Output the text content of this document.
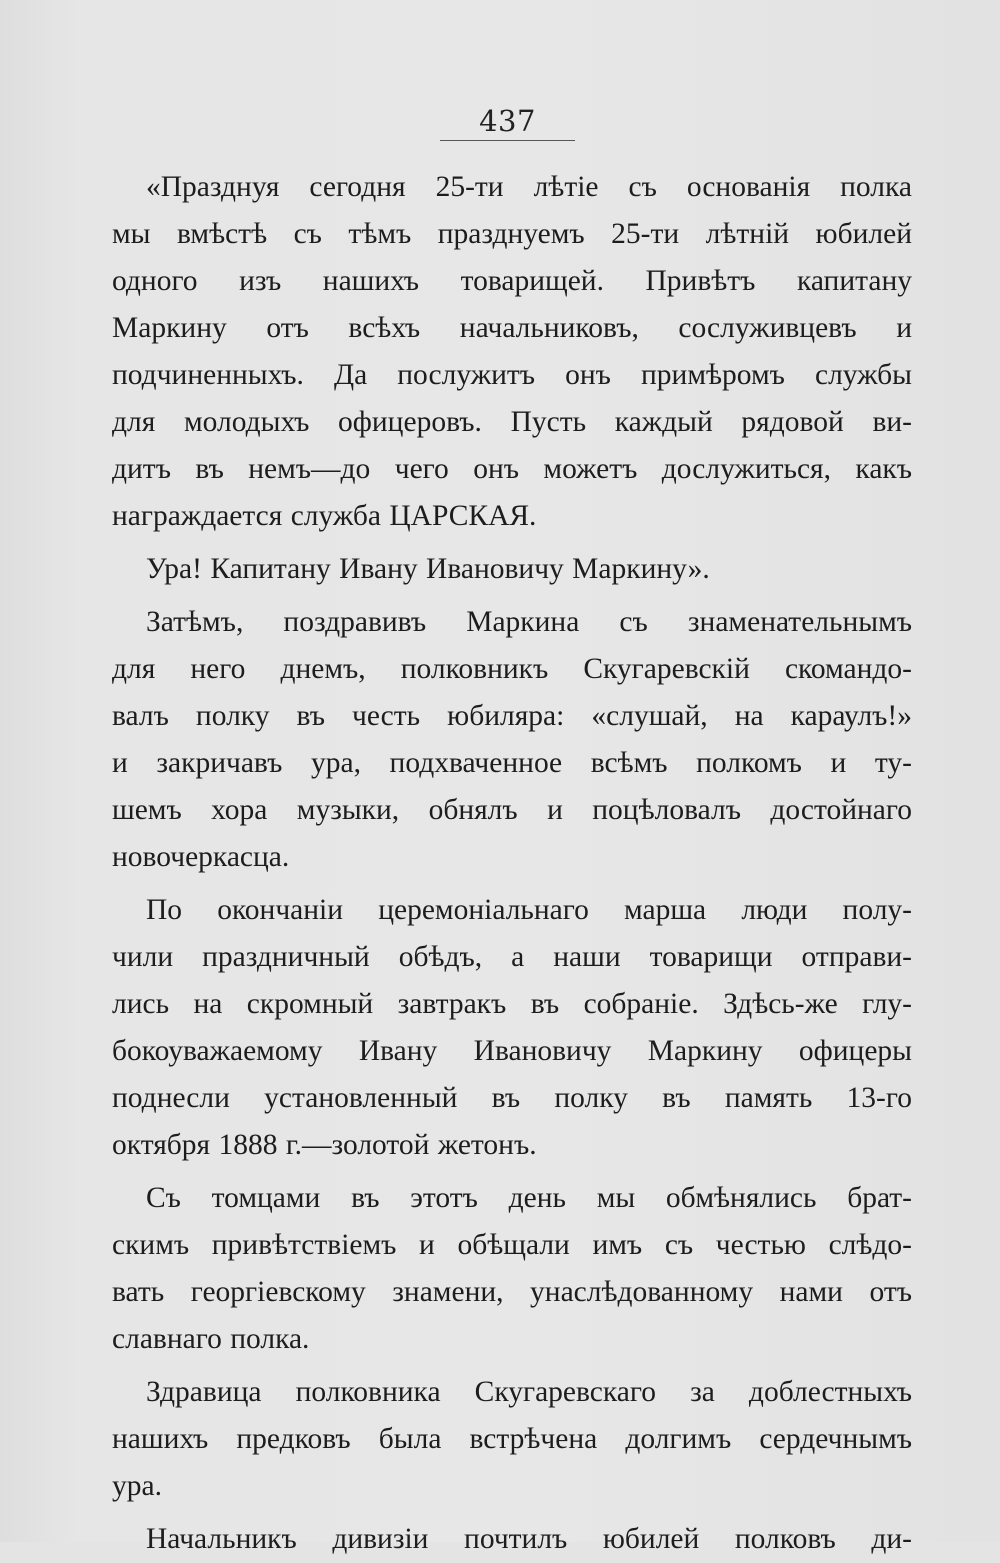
437
«Празднуя сегодня 25-ти лѣтіе съ основанія полка
мы вмѣстѣ съ тѣмъ празднуемъ 25-ти лѣтній юбилей
одного изъ нашихъ товарищей. Привѣтъ капитану
Маркину отъ всѣхъ начальниковъ, сослуживцевъ и
подчиненныхъ. Да послужитъ онъ примѣромъ службы
для молодыхъ офицеровъ. Пусть каждый рядовой ви-
дитъ въ немъ—до чего онъ можетъ дослужиться, какъ
награждается служба ЦАРСКАЯ.
Ура! Капитану Ивану Ивановичу Маркину».
Затѣмъ, поздравивъ Маркина съ знаменательнымъ
для него днемъ, полковникъ Скугаревскій скомандо-
валъ полку въ честь юбиляра: «слушай, на караулъ!»
и закричавъ ура, подхваченное всѣмъ полкомъ и ту-
шемъ хора музыки, обнялъ и поцѣловалъ достойнаго
новочеркасца.
По окончаніи церемоніальнаго марша люди полу-
чили праздничный обѣдъ, а наши товарищи отправи-
лись на скромный завтракъ въ собраніе. Здѣсь-же глу-
бокоуважаемому Ивану Ивановичу Маркину офицеры
поднесли установленный въ полку въ память 13-го
октября 1888 г.—золотой жетонъ.
Съ томцами въ этотъ день мы обмѣнялись брат-
скимъ привѣтствіемъ и обѣщали имъ съ честью слѣдо-
вать георгіевскому знамени, унаслѣдованному нами отъ
славнаго полка.
Здравица полковника Скугаревскаго за доблестныхъ
нашихъ предковъ была встрѣчена долгимъ сердечнымъ
ура.
Начальникъ дивизіи почтилъ юбилей полковъ ди-
